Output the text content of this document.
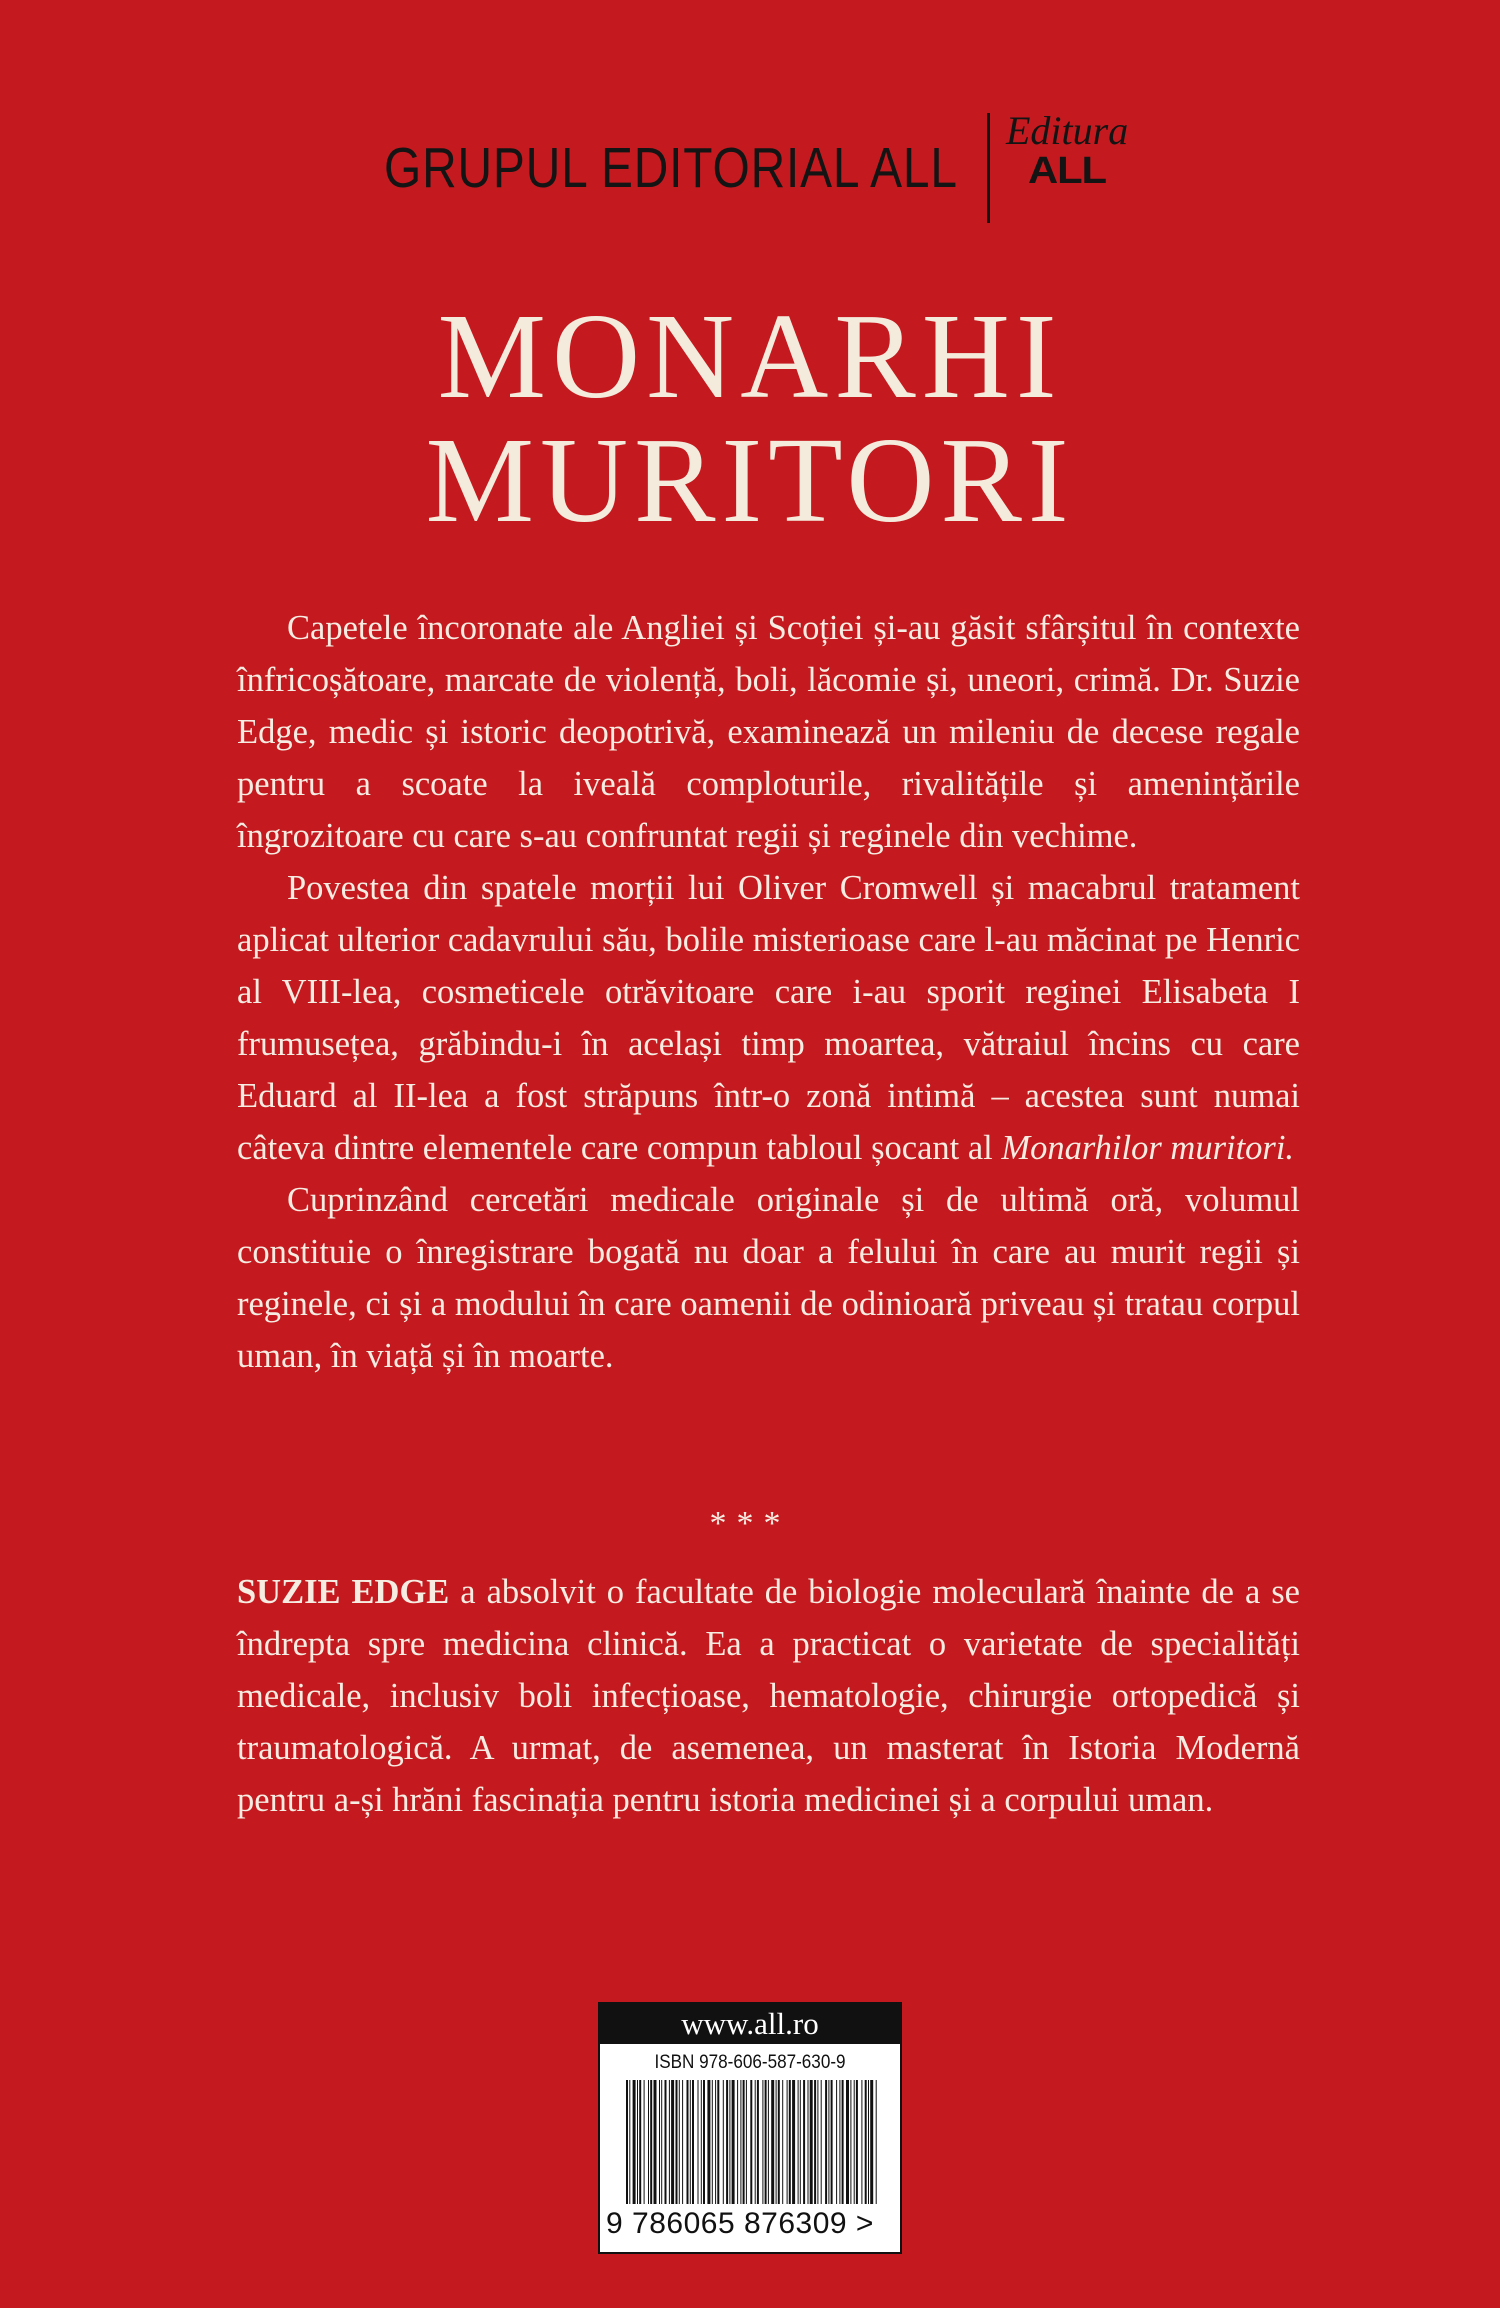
GRUPUL EDITORIAL ALL
Editura
ALL
MONARHI
MURITORI

Capetele încoronate ale Angliei și Scoției și-au găsit sfârșitul în contexte înfricoșătoare, marcate de violență, boli, lăcomie și, uneori, crimă. Dr. Suzie Edge, medic și istoric deopotrivă, examinează un mileniu de decese regale pentru a scoate la iveală comploturile, rivalitățile și amenințările îngrozitoare cu care s-au confruntat regii și reginele din vechime.

Povestea din spatele morții lui Oliver Cromwell și macabrul tratament aplicat ulterior cadavrului său, bolile misterioase care l-au măcinat pe Henric al VIII-lea, cosmeticele otrăvitoare care i-au sporit reginei Elisabeta I frumusețea, grăbindu-i în același timp moartea, vătraiul încins cu care Eduard al II-lea a fost străpuns într-o zonă intimă – acestea sunt numai câteva dintre elementele care compun tabloul șocant al Monarhilor muritori.

Cuprinzând cercetări medicale originale și de ultimă oră, volumul constituie o înregistrare bogată nu doar a felului în care au murit regii și reginele, ci și a modului în care oamenii de odinioară priveau și tratau corpul uman, în viață și în moarte.

***

SUZIE EDGE a absolvit o facultate de biologie moleculară înainte de a se îndrepta spre medicina clinică. Ea a practicat o varietate de specialități medicale, inclusiv boli infecțioase, hematologie, chirurgie ortopedică și traumatologică. A urmat, de asemenea, un masterat în Istoria Modernă pentru a-și hrăni fascinația pentru istoria medicinei și a corpului uman.

www.all.ro
ISBN 978-606-587-630-9
9 786065 876309 >
